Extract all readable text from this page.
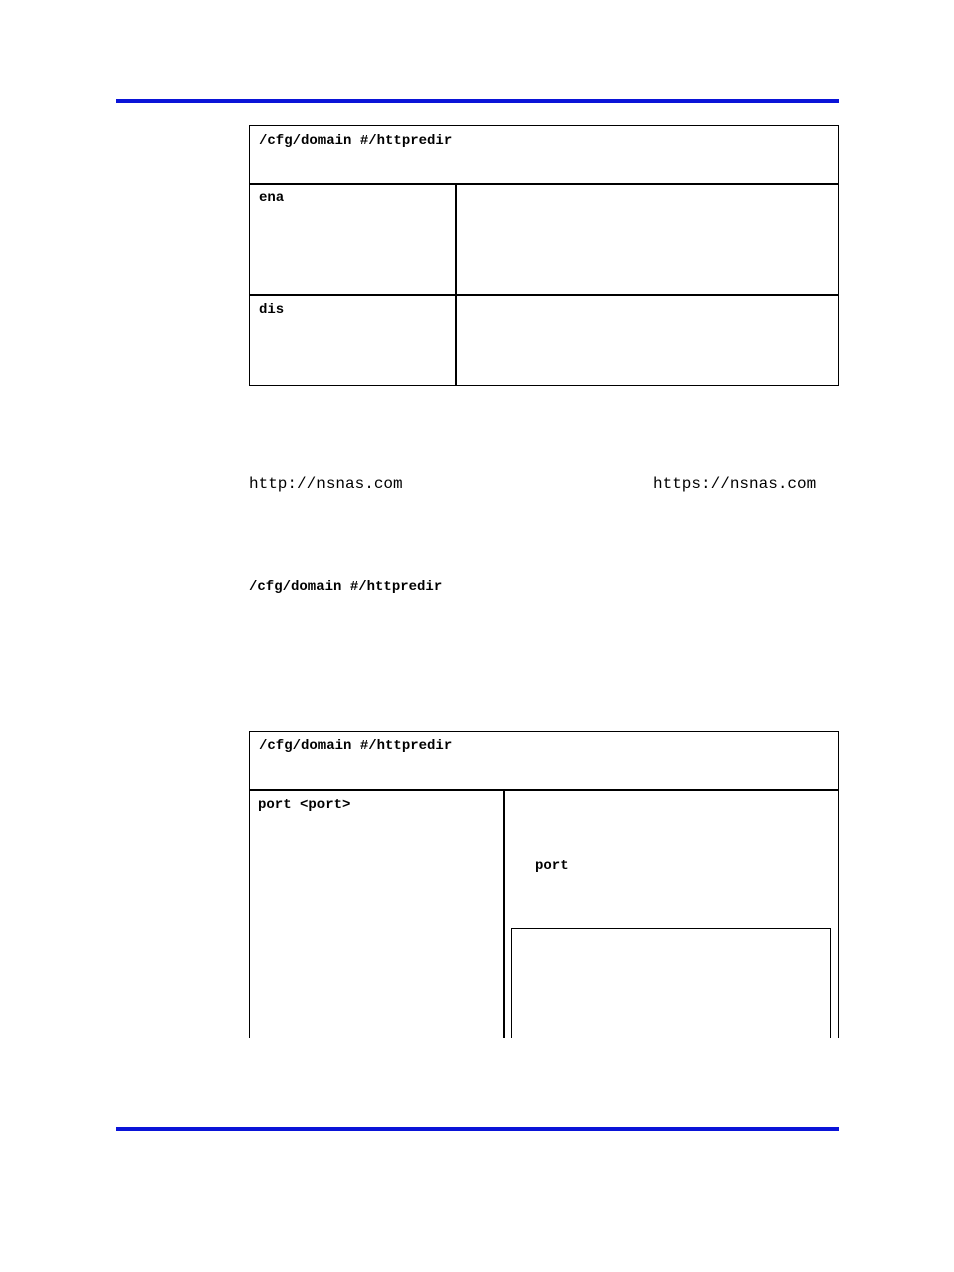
/cfg/domain #/httpredir
ena
dis
http://nsnas.com	https://nsnas.com
/cfg/domain #/httpredir
/cfg/domain #/httpredir
port <port>
port
